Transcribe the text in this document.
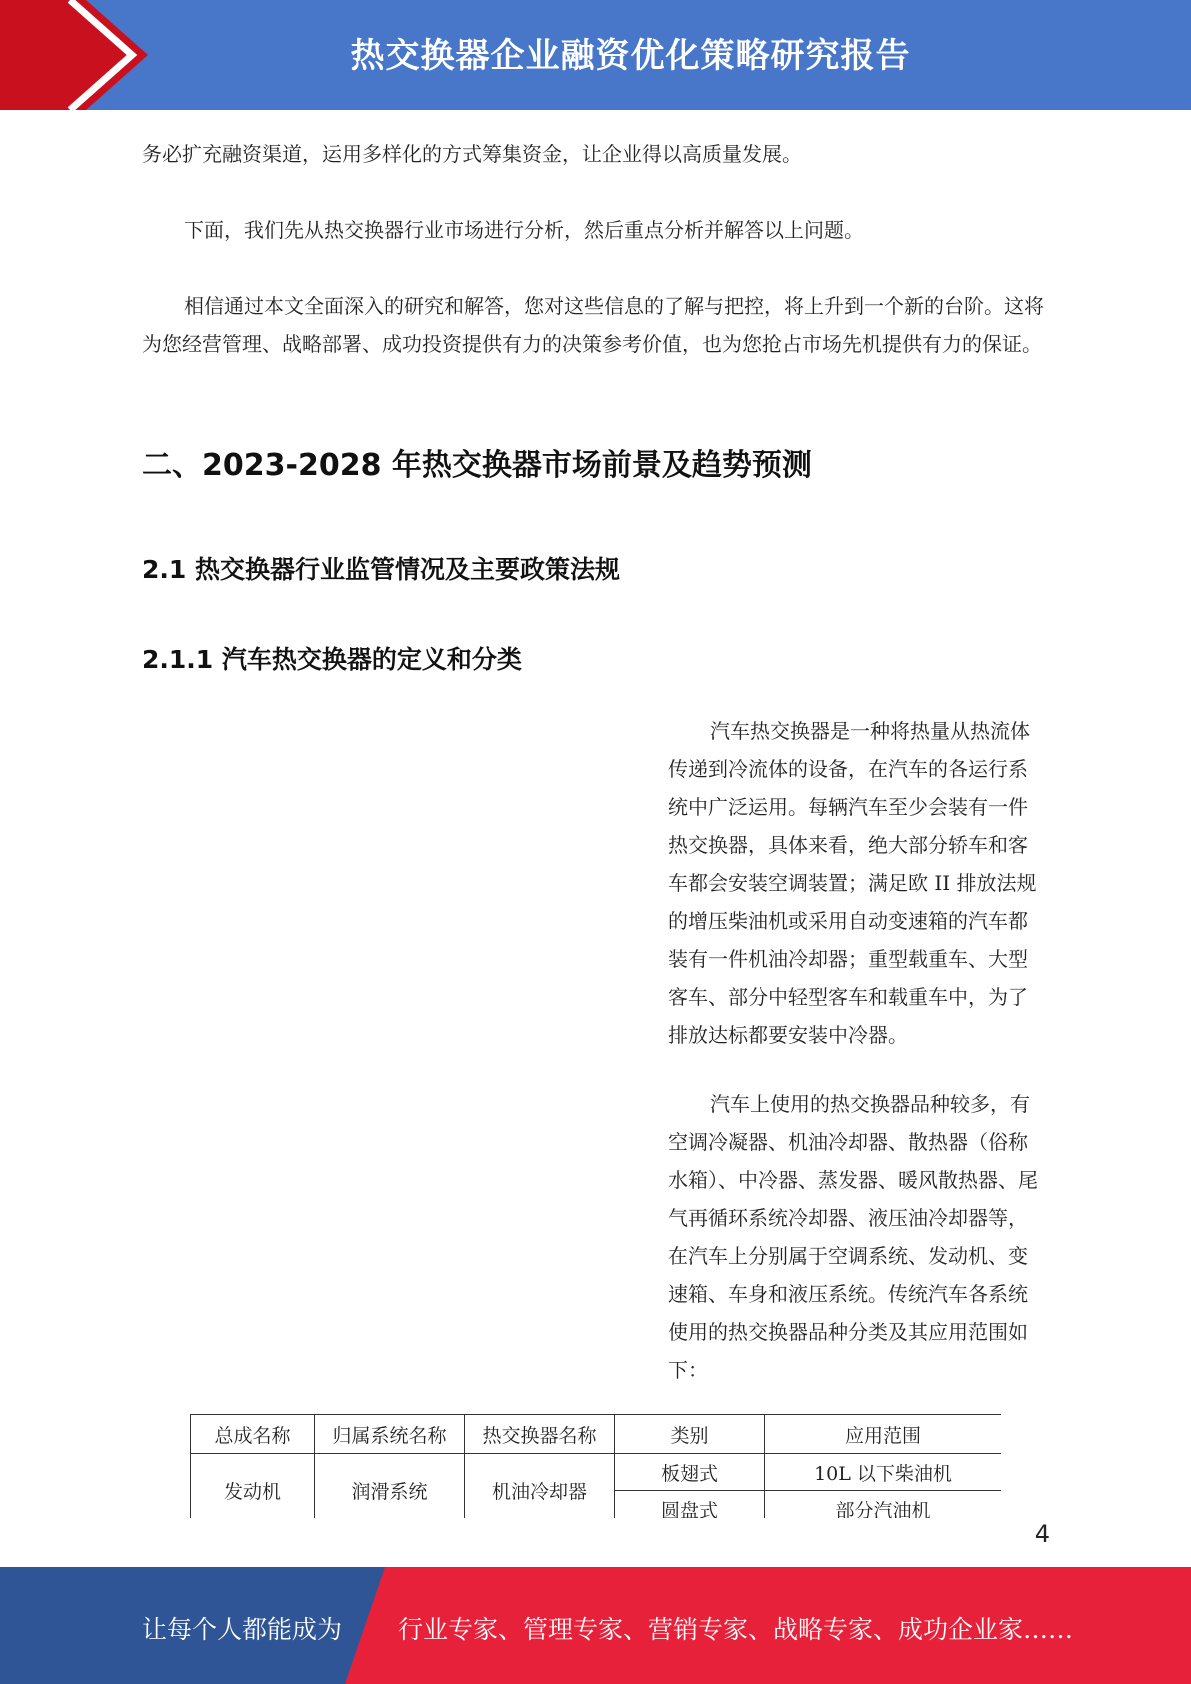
热交换器企业融资优化策略研究报告

务必扩充融资渠道，运用多样化的方式筹集资金，让企业得以高质量发展。

下面，我们先从热交换器行业市场进行分析，然后重点分析并解答以上问题。

相信通过本文全面深入的研究和解答，您对这些信息的了解与把控，将上升到一个新的台阶。这将为您经营管理、战略部署、成功投资提供有力的决策参考价值，也为您抢占市场先机提供有力的保证。

二、2023-2028 年热交换器市场前景及趋势预测
2.1 热交换器行业监管情况及主要政策法规
2.1.1 汽车热交换器的定义和分类

汽车热交换器是一种将热量从热流体传递到冷流体的设备，在汽车的各运行系统中广泛运用。每辆汽车至少会装有一件热交换器，具体来看，绝大部分轿车和客车都会安装空调装置；满足欧 II 排放法规的增压柴油机或采用自动变速箱的汽车都装有一件机油冷却器；重型载重车、大型客车、部分中轻型客车和载重车中，为了排放达标都要安装中冷器。

汽车上使用的热交换器品种较多，有空调冷凝器、机油冷却器、散热器（俗称水箱）、中冷器、蒸发器、暖风散热器、尾气再循环系统冷却器、液压油冷却器等，在汽车上分别属于空调系统、发动机、变速箱、车身和液压系统。传统汽车各系统使用的热交换器品种分类及其应用范围如下：

总成名称	归属系统名称	热交换器名称	类别	应用范围
发动机	润滑系统	机油冷却器	板翅式	10L 以下柴油机
			圆盘式	部分汽油机
4
让每个人都能成为 行业专家、管理专家、营销专家、战略专家、成功企业家……
